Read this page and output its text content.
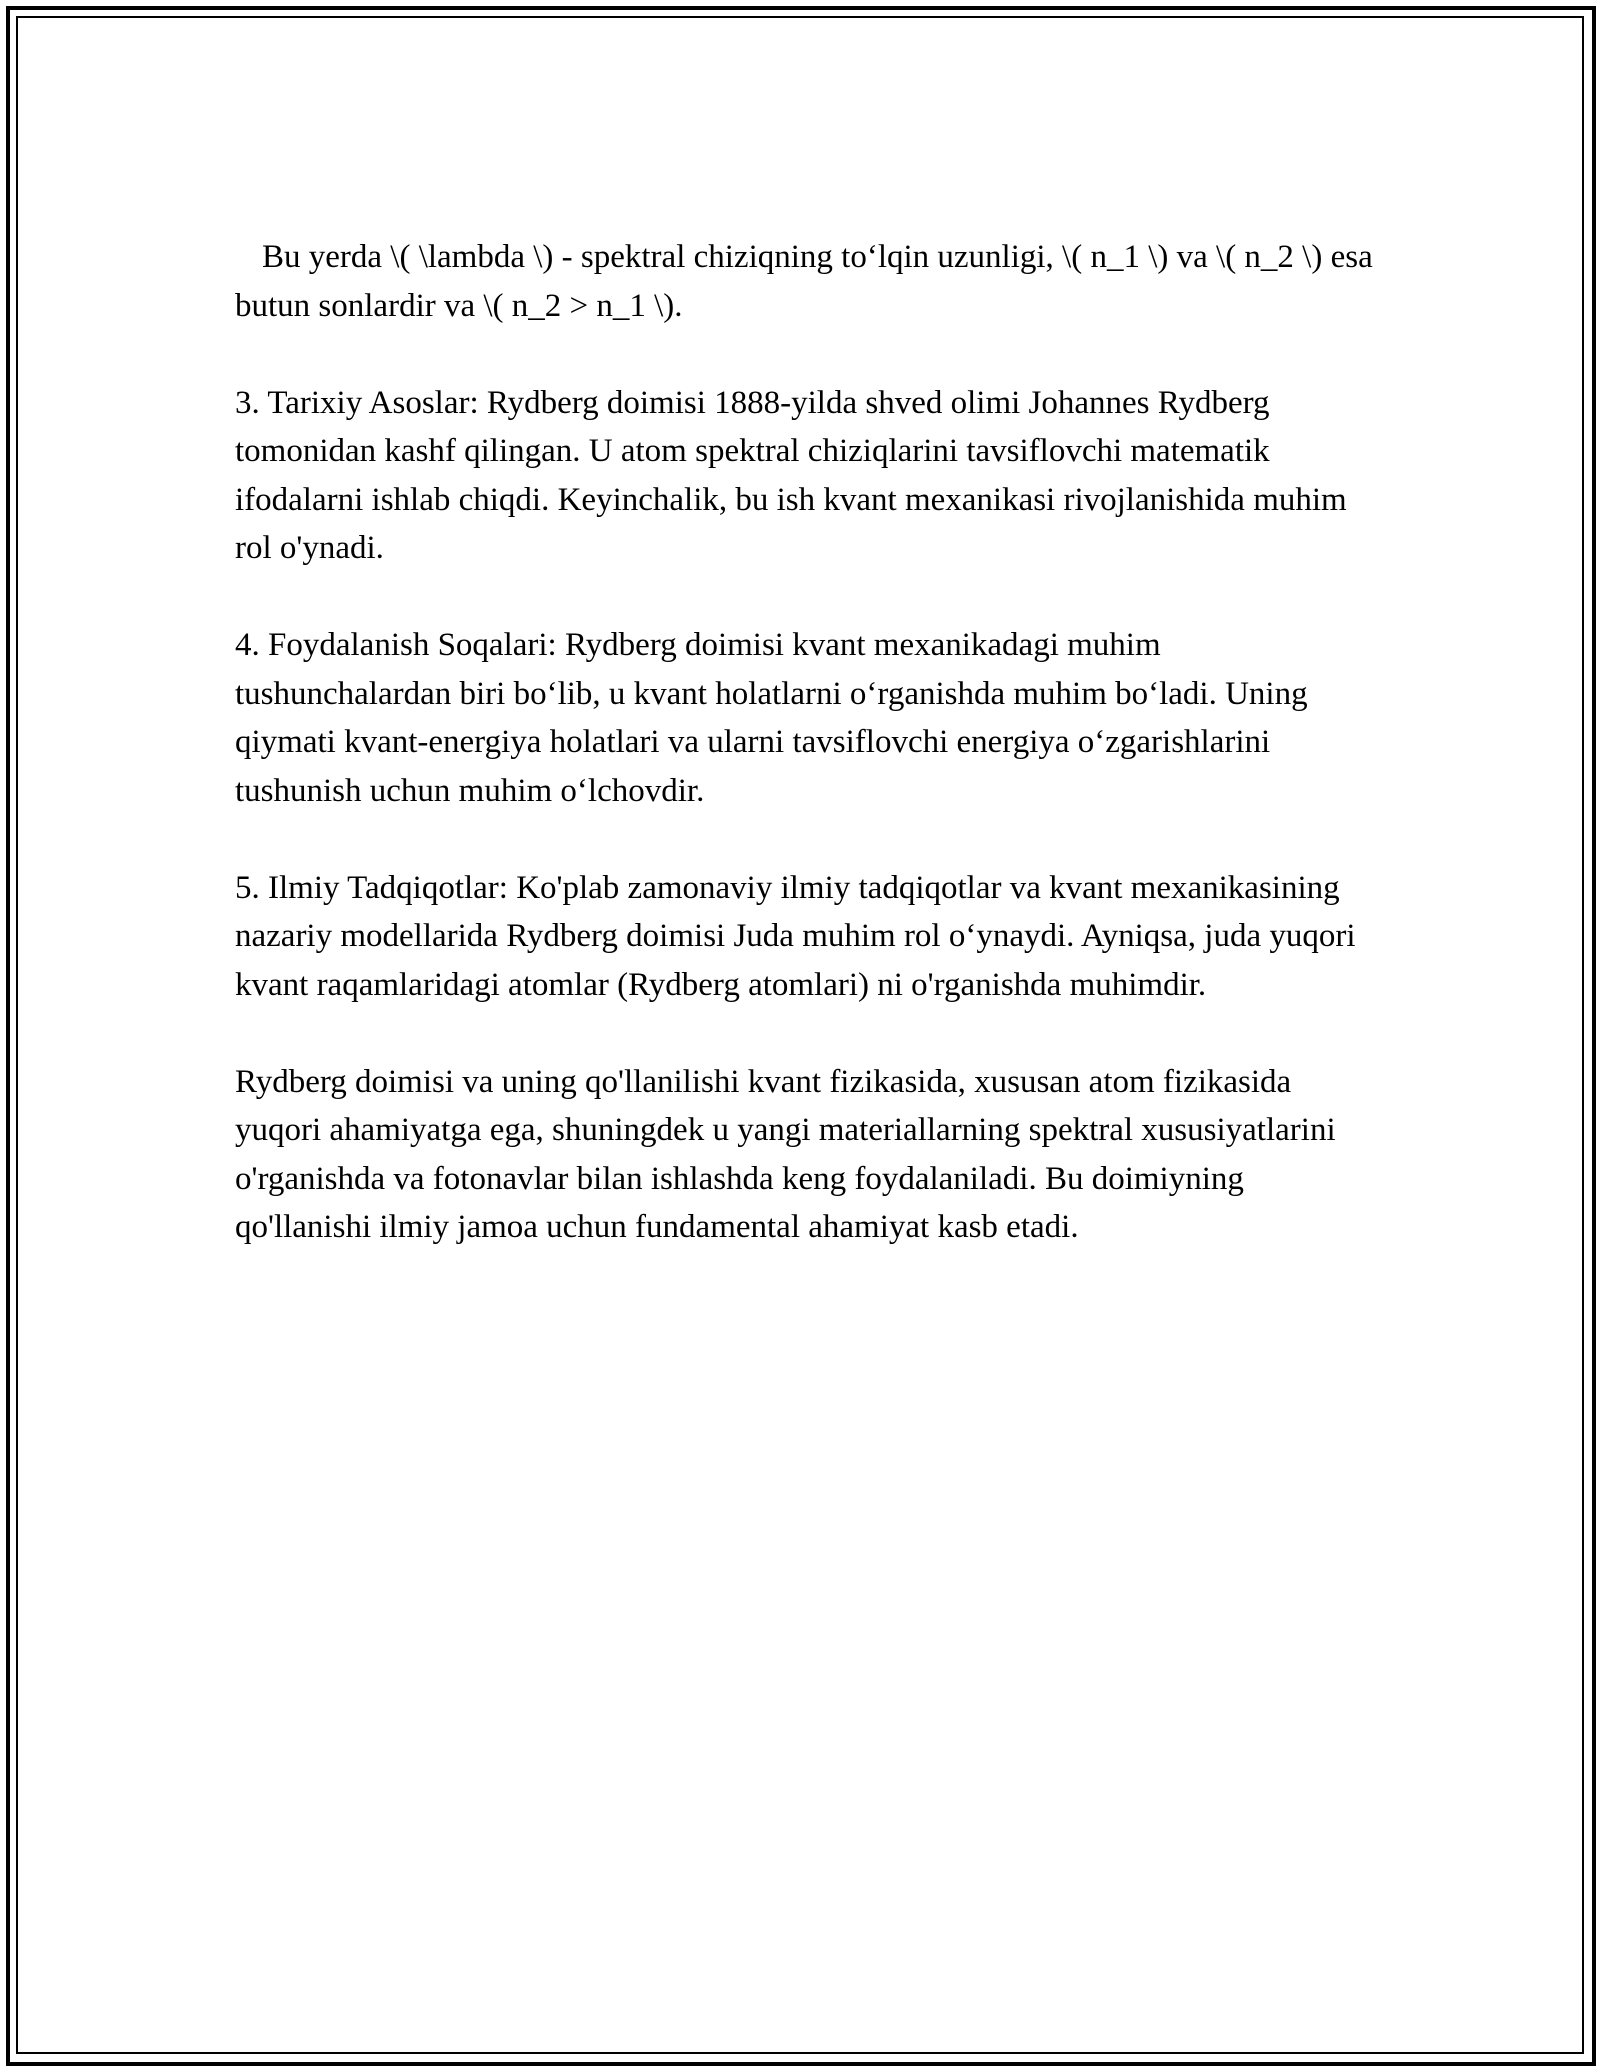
Bu yerda \( \lambda \) - spektral chiziqning to‘lqin uzunligi, \( n_1 \) va \( n_2 \) esa butun sonlardir va \( n_2 > n_1 \).

3. Tarixiy Asoslar: Rydberg doimisi 1888-yilda shved olimi Johannes Rydberg tomonidan kashf qilingan. U atom spektral chiziqlarini tavsiflovchi matematik ifodalarni ishlab chiqdi. Keyinchalik, bu ish kvant mexanikasi rivojlanishida muhim rol o'ynadi.

4. Foydalanish Soqalari: Rydberg doimisi kvant mexanikadagi muhim tushunchalardan biri bo‘lib, u kvant holatlarni o‘rganishda muhim bo‘ladi. Uning qiymati kvant-energiya holatlari va ularni tavsiflovchi energiya o‘zgarishlarini tushunish uchun muhim o‘lchovdir.

5. Ilmiy Tadqiqotlar: Ko'plab zamonaviy ilmiy tadqiqotlar va kvant mexanikasining nazariy modellarida Rydberg doimisi Juda muhim rol o‘ynaydi. Ayniqsa, juda yuqori kvant raqamlaridagi atomlar (Rydberg atomlari) ni o'rganishda muhimdir.

Rydberg doimisi va uning qo'llanilishi kvant fizikasida, xususan atom fizikasida yuqori ahamiyatga ega, shuningdek u yangi materiallarning spektral xususiyatlarini o'rganishda va fotonavlar bilan ishlashda keng foydalaniladi. Bu doimiyning qo'llanishi ilmiy jamoa uchun fundamental ahamiyat kasb etadi.
